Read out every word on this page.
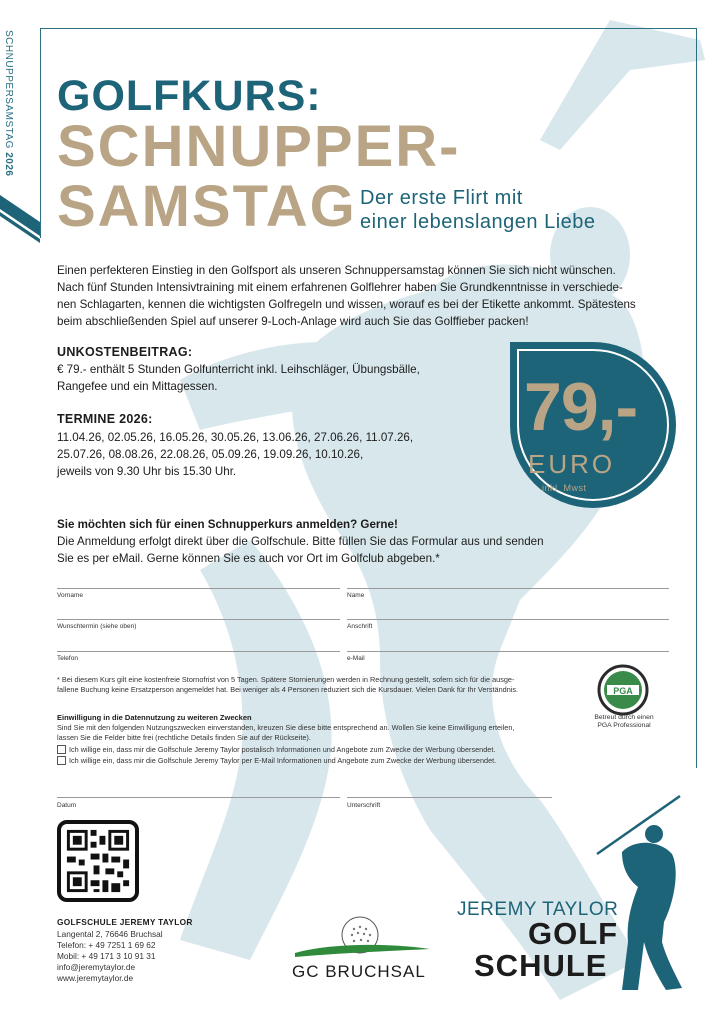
SCHNUPPERSAMSTAG 2026
GOLFKURS:
SCHNUPPER-
SAMSTAG Der erste Flirt mit
einer lebenslangen Liebe
Einen perfekteren Einstieg in den Golfsport als unseren Schnuppersamstag können Sie sich nicht wünschen.
Nach fünf Stunden Intensivtraining mit einem erfahrenen Golflehrer haben Sie Grundkenntnisse in verschiede-
nen Schlagarten, kennen die wichtigsten Golfregeln und wissen, worauf es bei der Etikette ankommt. Spätestens
beim abschließenden Spiel auf unserer 9-Loch-Anlage wird auch Sie das Golffieber packen!
UNKOSTENBEITRAG:
€ 79.- enthält 5 Stunden Golfunterricht inkl. Leihschläger, Übungsbälle,
Rangefee und ein Mittagessen.
TERMINE 2026:
11.04.26, 02.05.26, 16.05.26, 30.05.26, 13.06.26, 27.06.26, 11.07.26,
25.07.26, 08.08.26, 22.08.26, 05.09.26, 19.09.26, 10.10.26,
jeweils von 9.30 Uhr bis 15.30 Uhr.
79,-
EURO
inkl. Mwst
Sie möchten sich für einen Schnupperkurs anmelden? Gerne!
Die Anmeldung erfolgt direkt über die Golfschule. Bitte füllen Sie das Formular aus und senden
Sie es per eMail. Gerne können Sie es auch vor Ort im Golfclub abgeben.*
Vorname	Name
Wunschtermin (siehe oben)	Anschrift
Telefon	e-Mail
* Bei diesem Kurs gilt eine kostenfreie Stornofrist von 5 Tagen. Spätere Stornierungen werden in Rechnung gestellt, sofern sich für die ausge-
fallene Buchung keine Ersatzperson angemeldet hat. Bei weniger als 4 Personen reduziert sich die Kursdauer. Vielen Dank für Ihr Verständnis.	PGA
Betreut durch einen
PGA Professional
Einwilligung in die Datennutzung zu weiteren Zwecken
Sind Sie mit den folgenden Nutzungszwecken einverstanden, kreuzen Sie diese bitte entsprechend an. Wollen Sie keine Einwilligung erteilen,
lassen Sie die Felder bitte frei (rechtliche Details finden Sie auf der Rückseite).
Ich willige ein, dass mir die Golfschule Jeremy Taylor postalisch Informationen und Angebote zum Zwecke der Werbung übersendet.
Ich willige ein, dass mir die Golfschule Jeremy Taylor per E-Mail Informationen und Angebote zum Zwecke der Werbung übersendet.
Datum	Unterschrift
GOLFSCHULE JEREMY TAYLOR
Langental 2, 76646 Bruchsal
Telefon: + 49 7251 1 69 62
Mobil: + 49 171 3 10 91 31
info@jeremytaylor.de
www.jeremytaylor.de	GC BRUCHSAL
JEREMY TAYLOR
GOLF
SCHULE
